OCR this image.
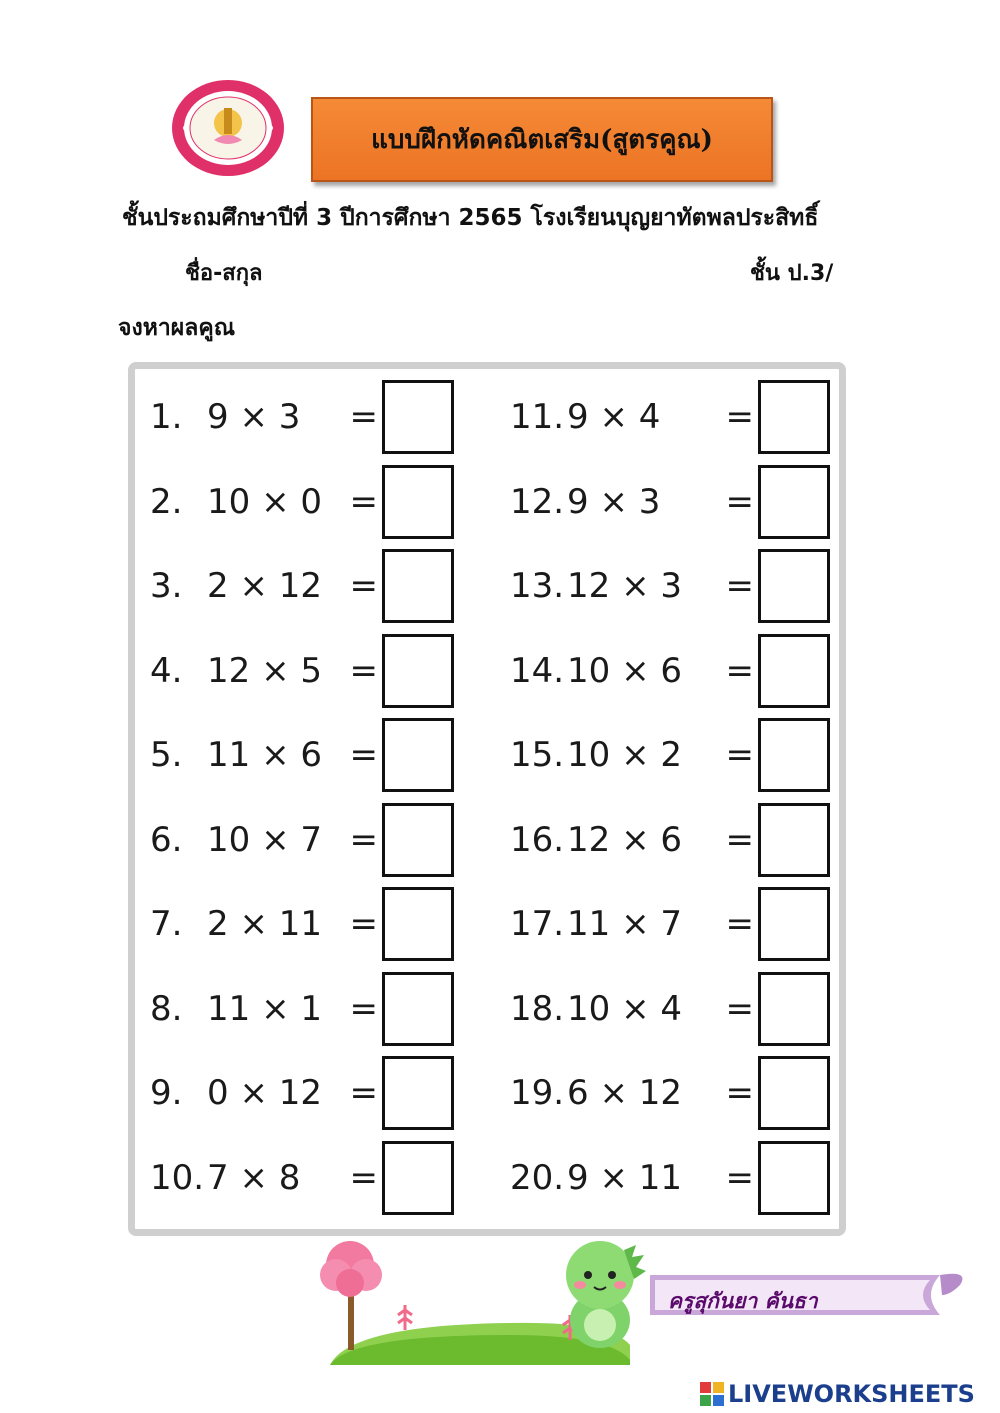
แบบฝึกหัดคณิตเสริม(สูตรคูณ)
ชั้นประถมศึกษาปีที่ 3 ปีการศึกษา 2565 โรงเรียนบุญยาทัตพลประสิทธิ์
ชื่อ-สกุล	ชั้น ป.3/
จงหาผลคูณ
1. 9 × 3	=
2. 10 × 0 =
3. 2 × 12 =
4. 12 × 5 =
5. 11 × 6 =
6. 10 × 7 =
7. 2 × 11 =
8. 11 × 1 =
9. 0 × 12 =
10. 7 × 8	=
11. 9 × 4	=
12. 9 × 3	=
13. 12 × 3	=
14. 10 × 6	=
15. 10 × 2	=
16. 12 × 6	=
17. 11 × 7	=
18. 10 × 4	=
19. 6 × 12	=
20. 9 × 11	=
ครูสุกันยา คันธา
LIVEWORKSHEETS
